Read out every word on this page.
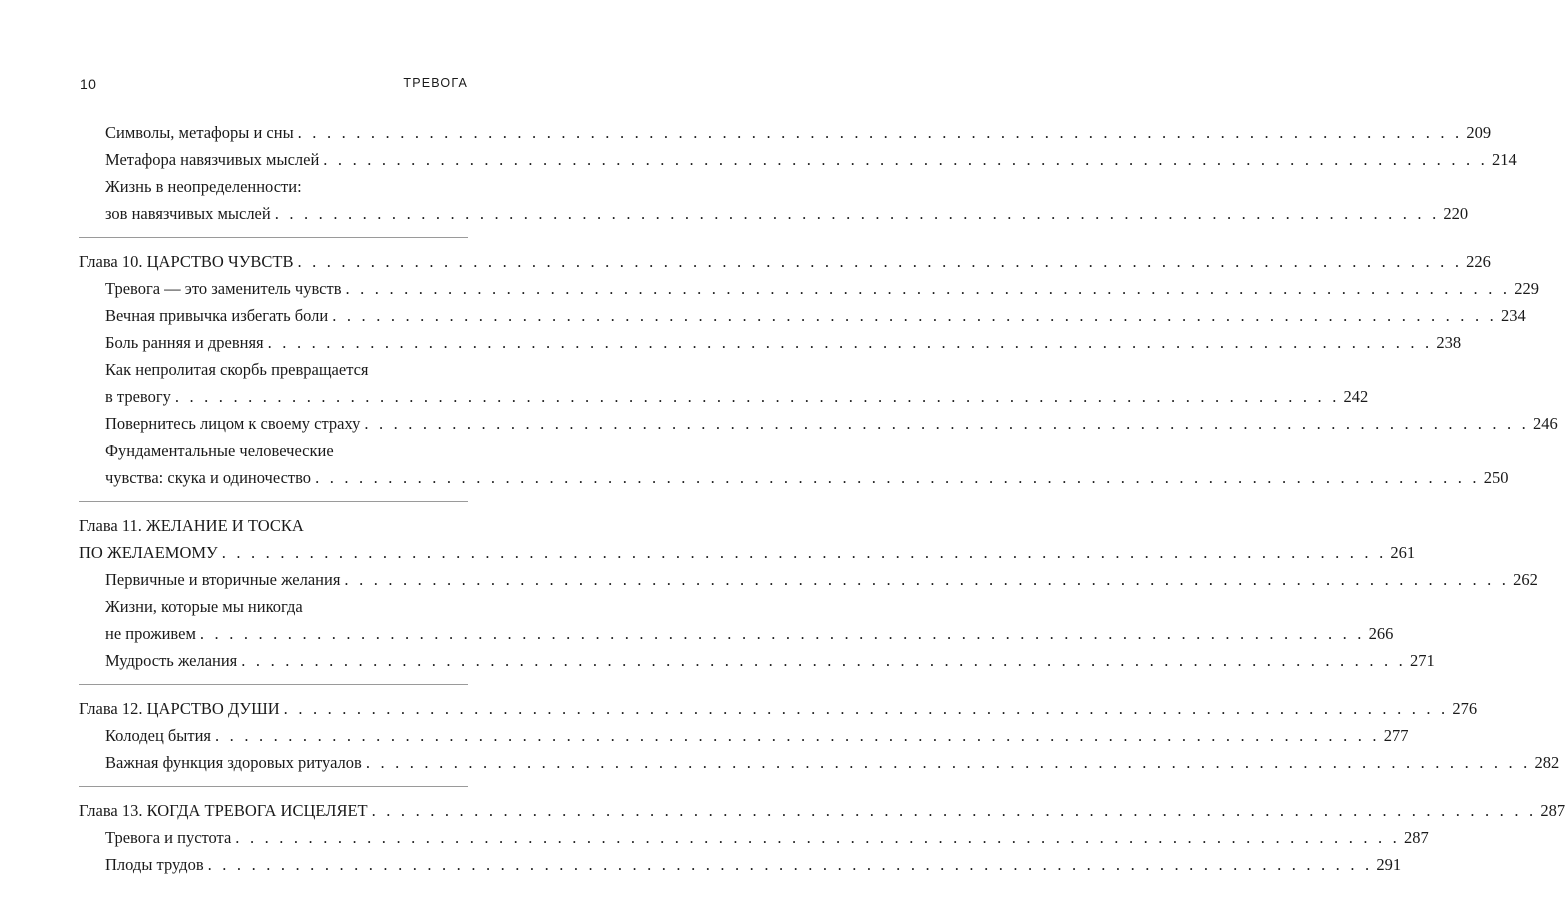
10	ТРЕВОГА
Символы, метафоры и сны . . . . . . . . . . . . . . . . . . . . . . . . . . . . . . . . . . . . . . . . . . . . . . . . . . . . . . . . . . . . . . . . . . . . . . . . . . . . . . . . 209
Метафора навязчивых мыслей . . . . . . . . . . . . . . . . . . . . . . . . . . . . . . . . . . . . . . . . . . . . . . . . . . . . . . . . . . . . . . . . . . . . . . . . . . . . . . . . 214
Жизнь в неопределенности:
зов навязчивых мыслей . . . . . . . . . . . . . . . . . . . . . . . . . . . . . . . . . . . . . . . . . . . . . . . . . . . . . . . . . . . . . . . . . . . . . . . . . . . . . . . . 220
Глава 10. ЦАРСТВО ЧУВСТВ . . . . . . . . . . . . . . . . . . . . . . . . . . . . . . . . . . . . . . . . . . . . . . . . . . . . . . . . . . . . . . . . . . . . . . . . . . . . . . . . 226
Тревога — это заменитель чувств . . . . . . . . . . . . . . . . . . . . . . . . . . . . . . . . . . . . . . . . . . . . . . . . . . . . . . . . . . . . . . . . . . . . . . . . . . . . . . . . 229
Вечная привычка избегать боли . . . . . . . . . . . . . . . . . . . . . . . . . . . . . . . . . . . . . . . . . . . . . . . . . . . . . . . . . . . . . . . . . . . . . . . . . . . . . . . . 234
Боль ранняя и древняя . . . . . . . . . . . . . . . . . . . . . . . . . . . . . . . . . . . . . . . . . . . . . . . . . . . . . . . . . . . . . . . . . . . . . . . . . . . . . . . . 238
Как непролитая скорбь превращается
в тревогу . . . . . . . . . . . . . . . . . . . . . . . . . . . . . . . . . . . . . . . . . . . . . . . . . . . . . . . . . . . . . . . . . . . . . . . . . . . . . . . . 242
Повернитесь лицом к своему страху . . . . . . . . . . . . . . . . . . . . . . . . . . . . . . . . . . . . . . . . . . . . . . . . . . . . . . . . . . . . . . . . . . . . . . . . . . . . . . . . 246
Фундаментальные человеческие
чувства: скука и одиночество . . . . . . . . . . . . . . . . . . . . . . . . . . . . . . . . . . . . . . . . . . . . . . . . . . . . . . . . . . . . . . . . . . . . . . . . . . . . . . . . 250
Глава 11. ЖЕЛАНИЕ И ТОСКА
ПО ЖЕЛАЕМОМУ . . . . . . . . . . . . . . . . . . . . . . . . . . . . . . . . . . . . . . . . . . . . . . . . . . . . . . . . . . . . . . . . . . . . . . . . . . . . . . . . 261
Первичные и вторичные желания . . . . . . . . . . . . . . . . . . . . . . . . . . . . . . . . . . . . . . . . . . . . . . . . . . . . . . . . . . . . . . . . . . . . . . . . . . . . . . . . 262
Жизни, которые мы никогда
не проживем . . . . . . . . . . . . . . . . . . . . . . . . . . . . . . . . . . . . . . . . . . . . . . . . . . . . . . . . . . . . . . . . . . . . . . . . . . . . . . . . 266
Мудрость желания . . . . . . . . . . . . . . . . . . . . . . . . . . . . . . . . . . . . . . . . . . . . . . . . . . . . . . . . . . . . . . . . . . . . . . . . . . . . . . . . 271
Глава 12. ЦАРСТВО ДУШИ . . . . . . . . . . . . . . . . . . . . . . . . . . . . . . . . . . . . . . . . . . . . . . . . . . . . . . . . . . . . . . . . . . . . . . . . . . . . . . . . 276
Колодец бытия . . . . . . . . . . . . . . . . . . . . . . . . . . . . . . . . . . . . . . . . . . . . . . . . . . . . . . . . . . . . . . . . . . . . . . . . . . . . . . . . 277
Важная функция здоровых ритуалов . . . . . . . . . . . . . . . . . . . . . . . . . . . . . . . . . . . . . . . . . . . . . . . . . . . . . . . . . . . . . . . . . . . . . . . . . . . . . . . . 282
Глава 13. КОГДА ТРЕВОГА ИСЦЕЛЯЕТ . . . . . . . . . . . . . . . . . . . . . . . . . . . . . . . . . . . . . . . . . . . . . . . . . . . . . . . . . . . . . . . . . . . . . . . . . . . . . . . . 287
Тревога и пустота . . . . . . . . . . . . . . . . . . . . . . . . . . . . . . . . . . . . . . . . . . . . . . . . . . . . . . . . . . . . . . . . . . . . . . . . . . . . . . . . 287
Плоды трудов . . . . . . . . . . . . . . . . . . . . . . . . . . . . . . . . . . . . . . . . . . . . . . . . . . . . . . . . . . . . . . . . . . . . . . . . . . . . . . . . 291
